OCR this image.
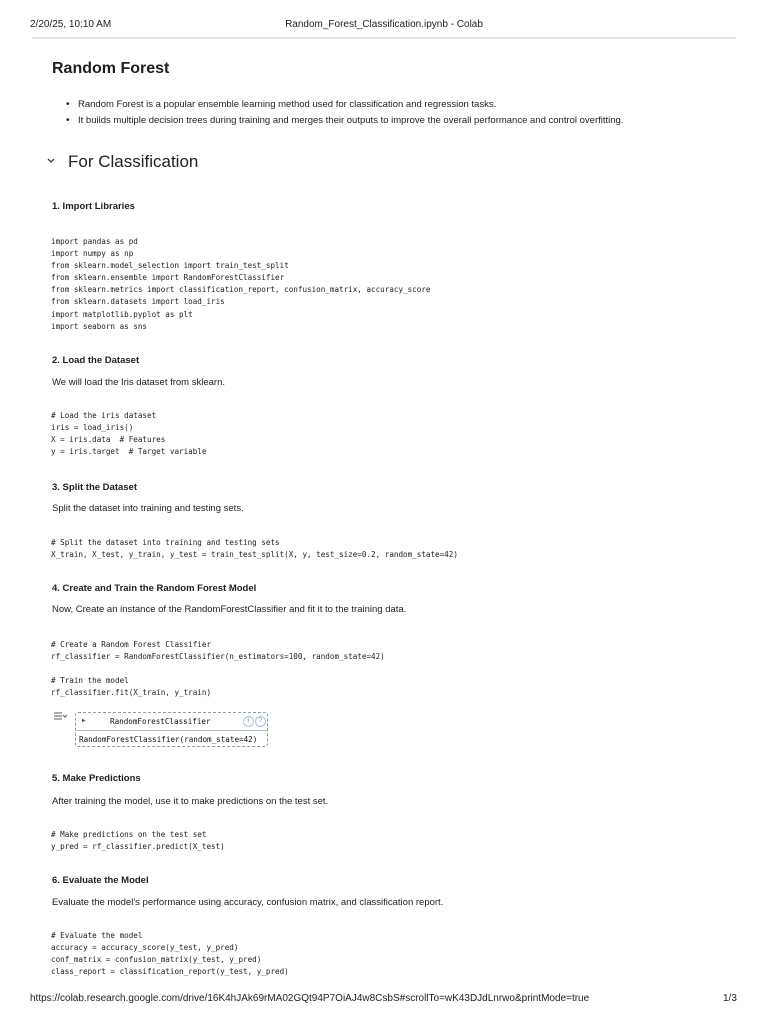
2/20/25, 10:10 AM	Random_Forest_Classification.ipynb - Colab
Random Forest
• Random Forest is a popular ensemble learning method used for classification and regression tasks.
• It builds multiple decision trees during training and merges their outputs to improve the overall performance and control overfitting.
For Classification
1. Import Libraries
import pandas as pd
import numpy as np
from sklearn.model_selection import train_test_split
from sklearn.ensemble import RandomForestClassifier
from sklearn.metrics import classification_report, confusion_matrix, accuracy_score
from sklearn.datasets import load_iris
import matplotlib.pyplot as plt
import seaborn as sns
2. Load the Dataset
We will load the Iris dataset from sklearn.
# Load the iris dataset
iris = load_iris()
X = iris.data  # Features
y = iris.target  # Target variable
3. Split the Dataset
Split the dataset into training and testing sets.
# Split the dataset into training and testing sets
X_train, X_test, y_train, y_test = train_test_split(X, y, test_size=0.2, random_state=42)
4. Create and Train the Random Forest Model
Now, Create an instance of the RandomForestClassifier and fit it to the training data.
# Create a Random Forest Classifier
rf_classifier = RandomForestClassifier(n_estimators=100, random_state=42)

# Train the model
rf_classifier.fit(X_train, y_train)
▶	RandomForestClassifier	i	?
RandomForestClassifier(random_state=42)
5. Make Predictions
After training the model, use it to make predictions on the test set.
# Make predictions on the test set
y_pred = rf_classifier.predict(X_test)
6. Evaluate the Model
Evaluate the model's performance using accuracy, confusion matrix, and classification report.
# Evaluate the model
accuracy = accuracy_score(y_test, y_pred)
conf_matrix = confusion_matrix(y_test, y_pred)
class_report = classification_report(y_test, y_pred)
https://colab.research.google.com/drive/16K4hJAk69rMA02GQt94P7OiAJ4w8CsbS#scrollTo=wK43DJdLnrwo&printMode=true	1/3
